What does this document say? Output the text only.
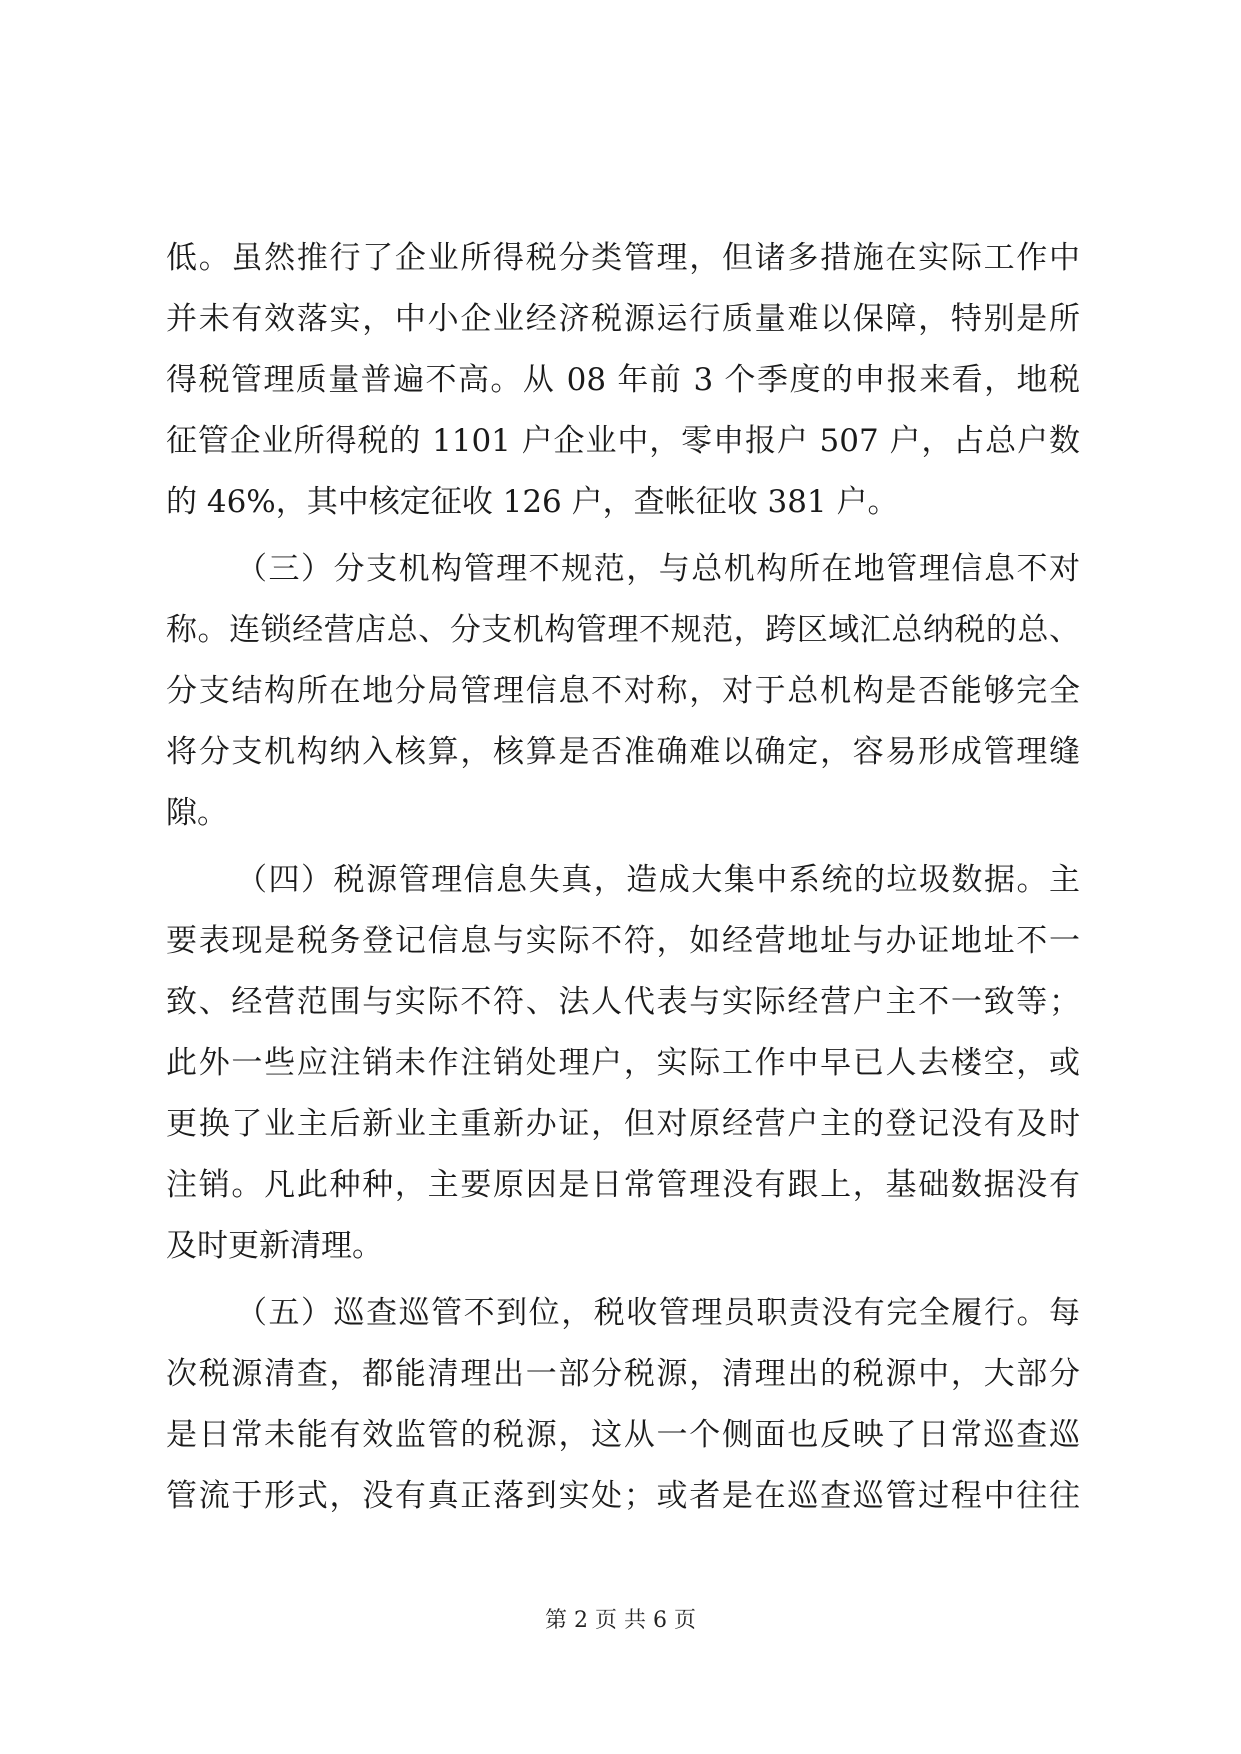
低。虽然推行了企业所得税分类管理，但诸多措施在实际工作中
并未有效落实，中小企业经济税源运行质量难以保障，特别是所
得税管理质量普遍不高。从 08 年前 3 个季度的申报来看，地税
征管企业所得税的 1101 户企业中，零申报户 507 户，占总户数
的 46%，其中核定征收 126 户，查帐征收 381 户。
（三）分支机构管理不规范，与总机构所在地管理信息不对
称。连锁经营店总、分支机构管理不规范，跨区域汇总纳税的总、
分支结构所在地分局管理信息不对称，对于总机构是否能够完全
将分支机构纳入核算，核算是否准确难以确定，容易形成管理缝
隙。
（四）税源管理信息失真，造成大集中系统的垃圾数据。主
要表现是税务登记信息与实际不符，如经营地址与办证地址不一
致、经营范围与实际不符、法人代表与实际经营户主不一致等；
此外一些应注销未作注销处理户，实际工作中早已人去楼空，或
更换了业主后新业主重新办证，但对原经营户主的登记没有及时
注销。凡此种种，主要原因是日常管理没有跟上，基础数据没有
及时更新清理。
（五）巡查巡管不到位，税收管理员职责没有完全履行。每
次税源清查，都能清理出一部分税源，清理出的税源中，大部分
是日常未能有效监管的税源，这从一个侧面也反映了日常巡查巡
管流于形式，没有真正落到实处；或者是在巡查巡管过程中往往
第 2 页 共 6 页
